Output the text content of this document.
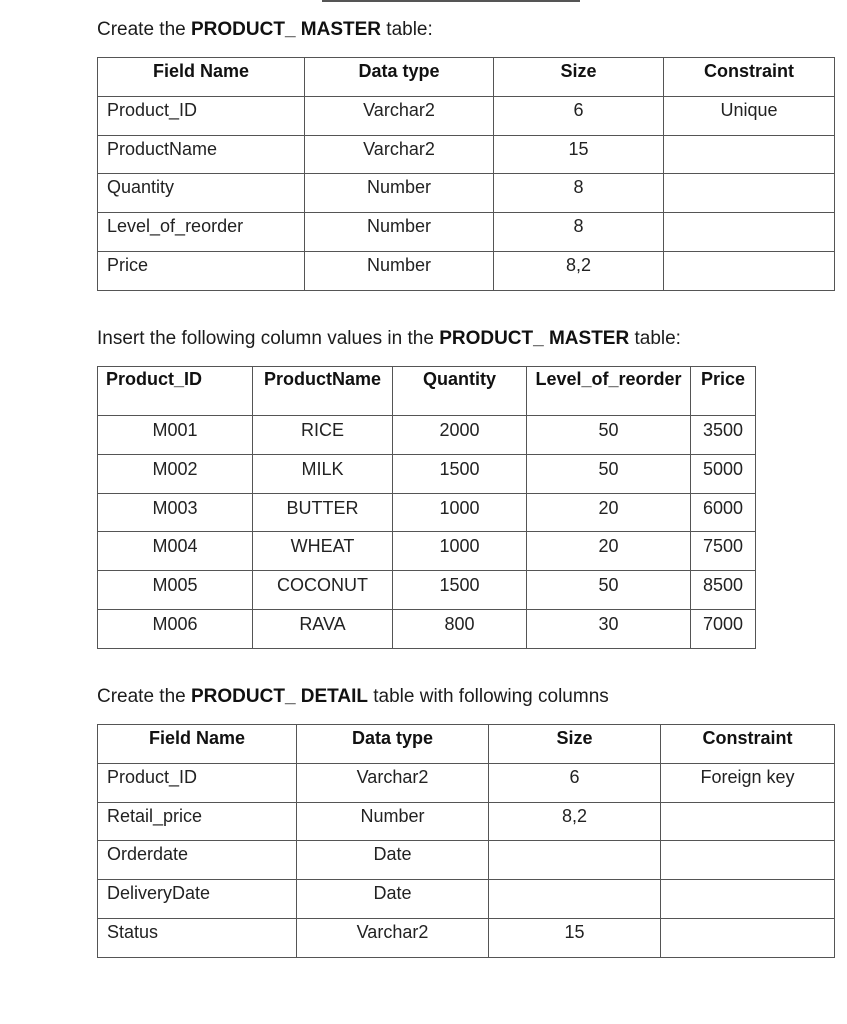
Create the PRODUCT_ MASTER table:
Field Name	Data type	Size	Constraint
Product_ID	Varchar2	6	Unique
ProductName	Varchar2	15	
Quantity	Number	8	
Level_of_reorder	Number	8	
Price	Number	8,2	
Insert the following column values in the PRODUCT_ MASTER table:
Product_ID	ProductName	Quantity	Level_of_reorder	Price
M001	RICE	2000	50	3500
M002	MILK	1500	50	5000
M003	BUTTER	1000	20	6000
M004	WHEAT	1000	20	7500
M005	COCONUT	1500	50	8500
M006	RAVA	800	30	7000
Create the PRODUCT_ DETAIL table with following columns
Field Name	Data type	Size	Constraint
Product_ID	Varchar2	6	Foreign key
Retail_price	Number	8,2	
Orderdate	Date		
DeliveryDate	Date		
Status	Varchar2	15	
